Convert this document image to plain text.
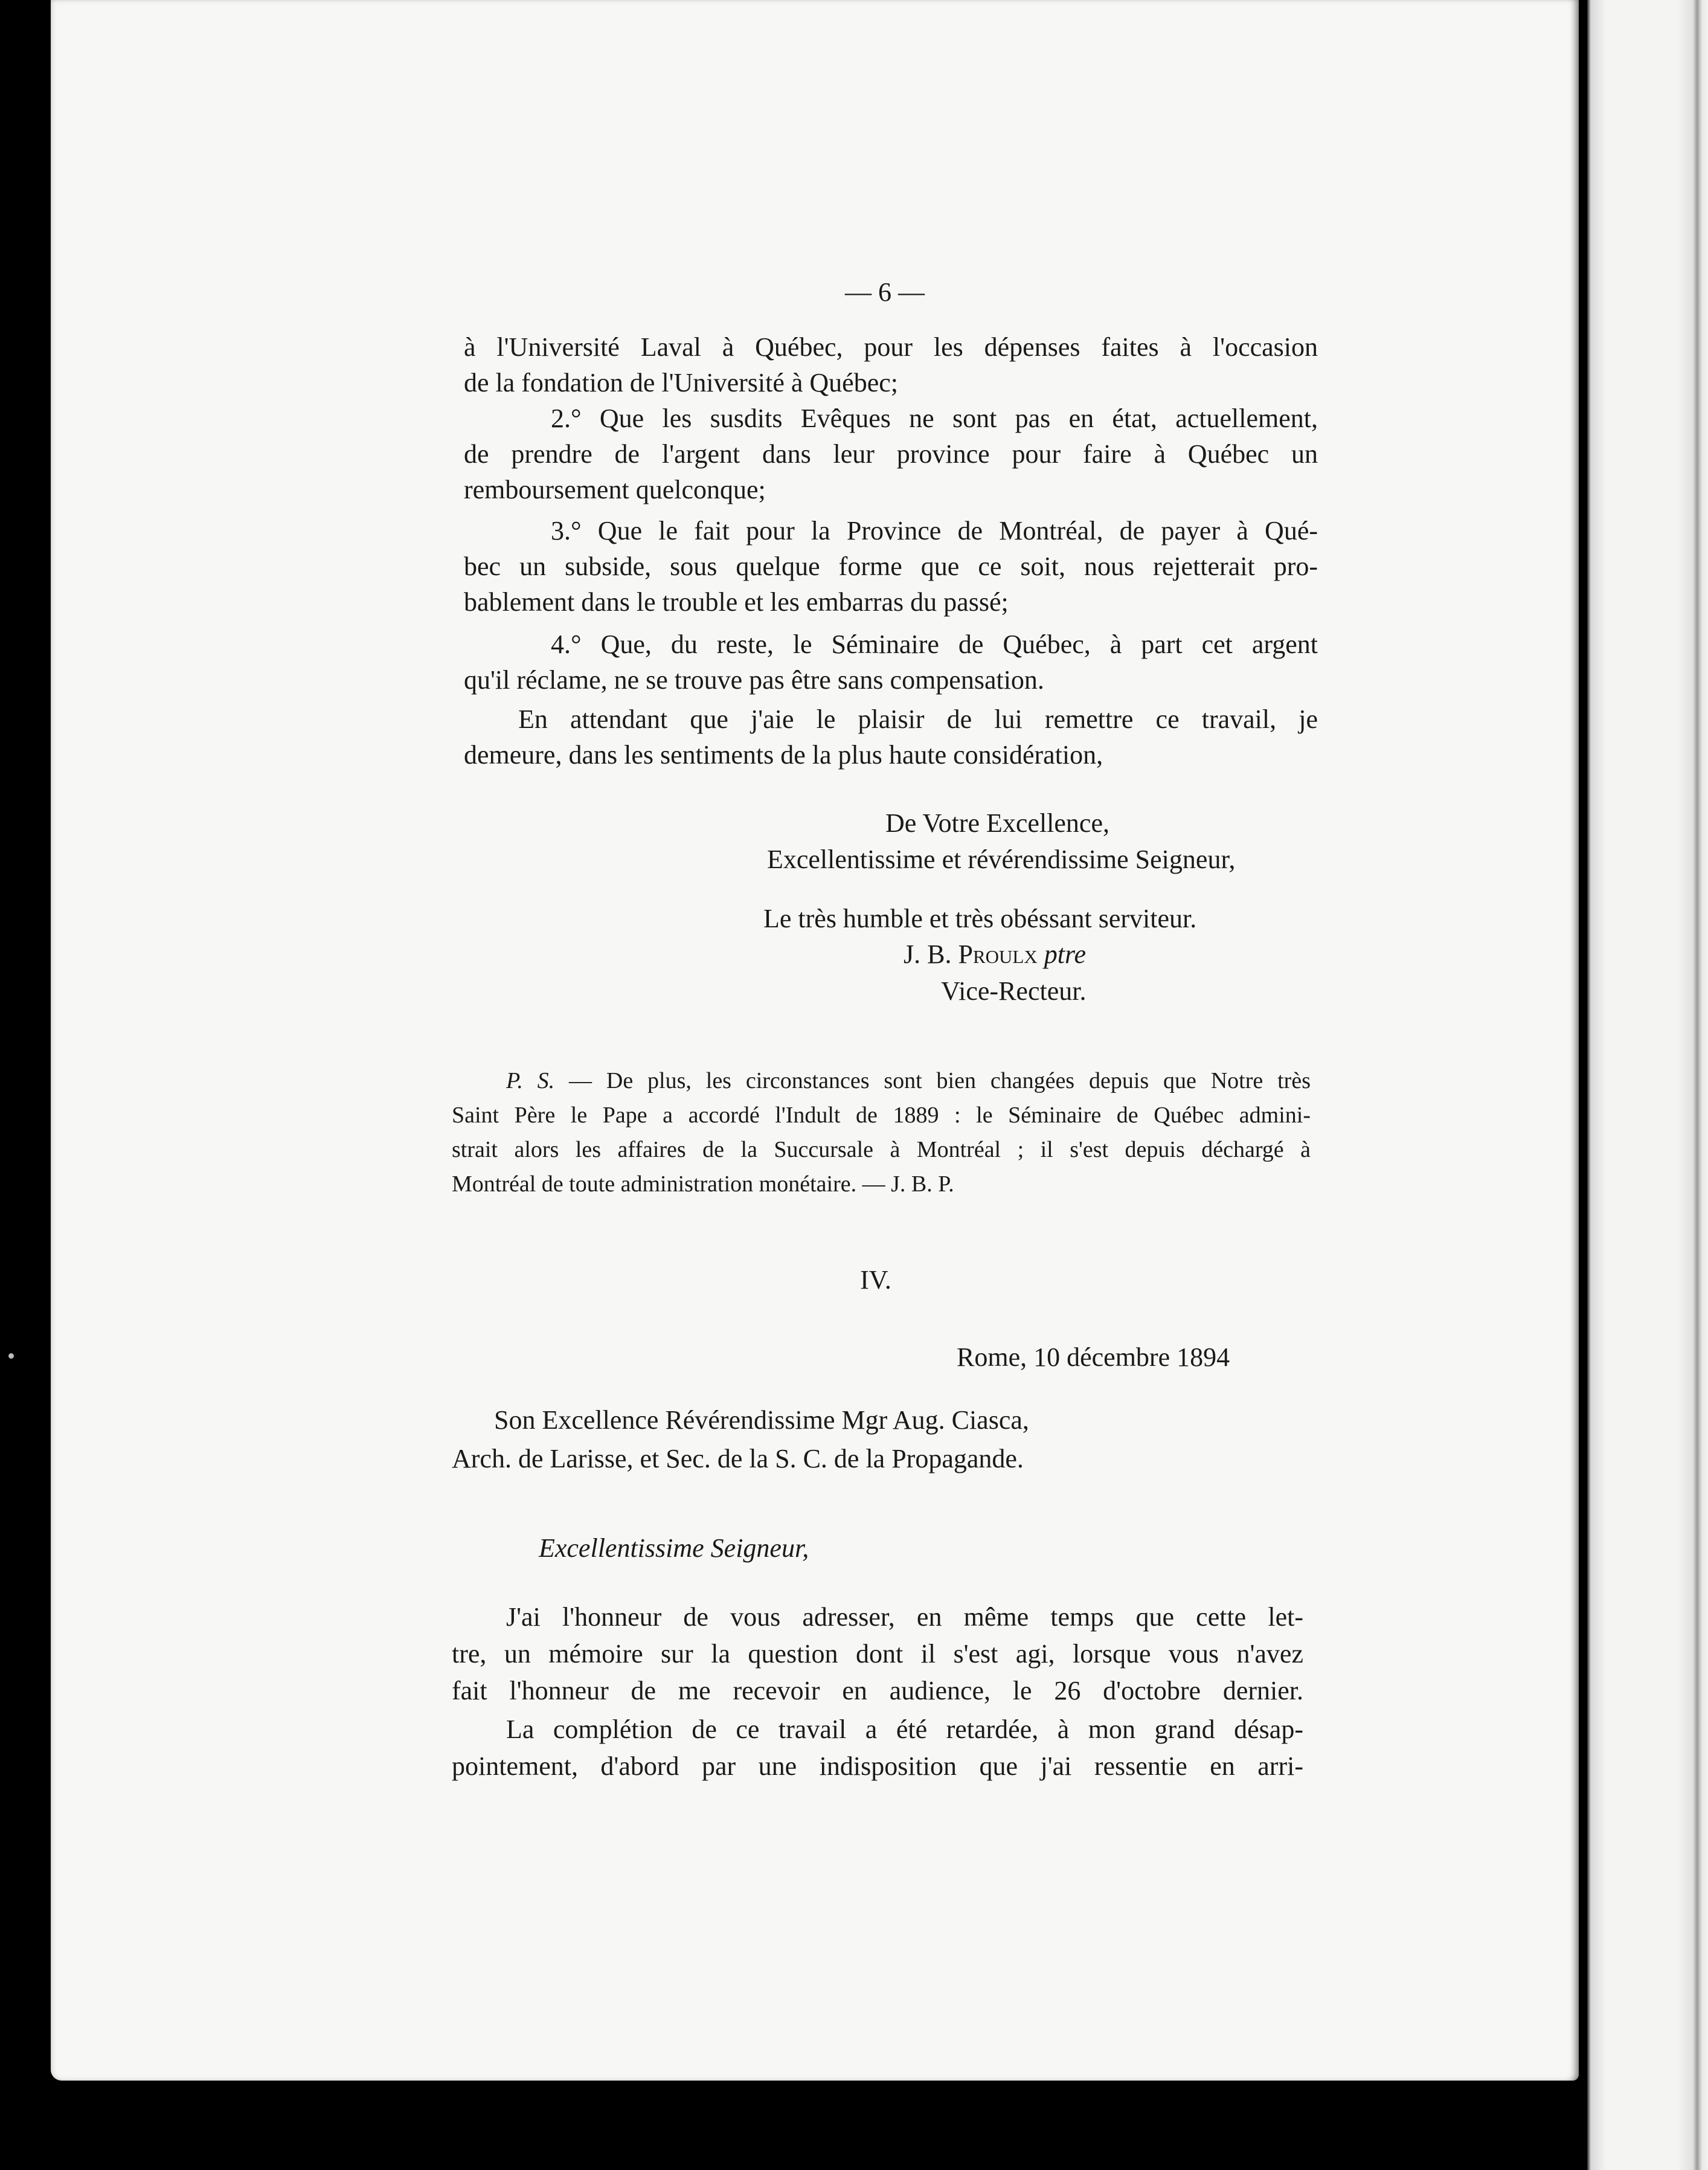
— 6 —
à l'Université Laval à Québec, pour les dépenses faites à l'occasion
de la fondation de l'Université à Québec;
2.° Que les susdits Evêques ne sont pas en état, actuellement,
de prendre de l'argent dans leur province pour faire à Québec un
remboursement quelconque;
3.° Que le fait pour la Province de Montréal, de payer à Qué-
bec un subside, sous quelque forme que ce soit, nous rejetterait pro-
bablement dans le trouble et les embarras du passé;
4.° Que, du reste, le Séminaire de Québec, à part cet argent
qu'il réclame, ne se trouve pas être sans compensation.
En attendant que j'aie le plaisir de lui remettre ce travail, je
demeure, dans les sentiments de la plus haute considération,
De Votre Excellence,
Excellentissime et révérendissime Seigneur,
Le très humble et très obéssant serviteur.
J. B. Proulx ptre
Vice-Recteur.
P. S. — De plus, les circonstances sont bien changées depuis que Notre très
Saint Père le Pape a accordé l'Indult de 1889 : le Séminaire de Québec admini-
strait alors les affaires de la Succursale à Montréal ; il s'est depuis déchargé à
Montréal de toute administration monétaire. — J. B. P.
IV.
Rome, 10 décembre 1894
Son Excellence Révérendissime Mgr Aug. Ciasca,
Arch. de Larisse, et Sec. de la S. C. de la Propagande.
Excellentissime Seigneur,
J'ai l'honneur de vous adresser, en même temps que cette let-
tre, un mémoire sur la question dont il s'est agi, lorsque vous n'avez
fait l'honneur de me recevoir en audience, le 26 d'octobre dernier.
La complétion de ce travail a été retardée, à mon grand désap-
pointement, d'abord par une indisposition que j'ai ressentie en arri-
